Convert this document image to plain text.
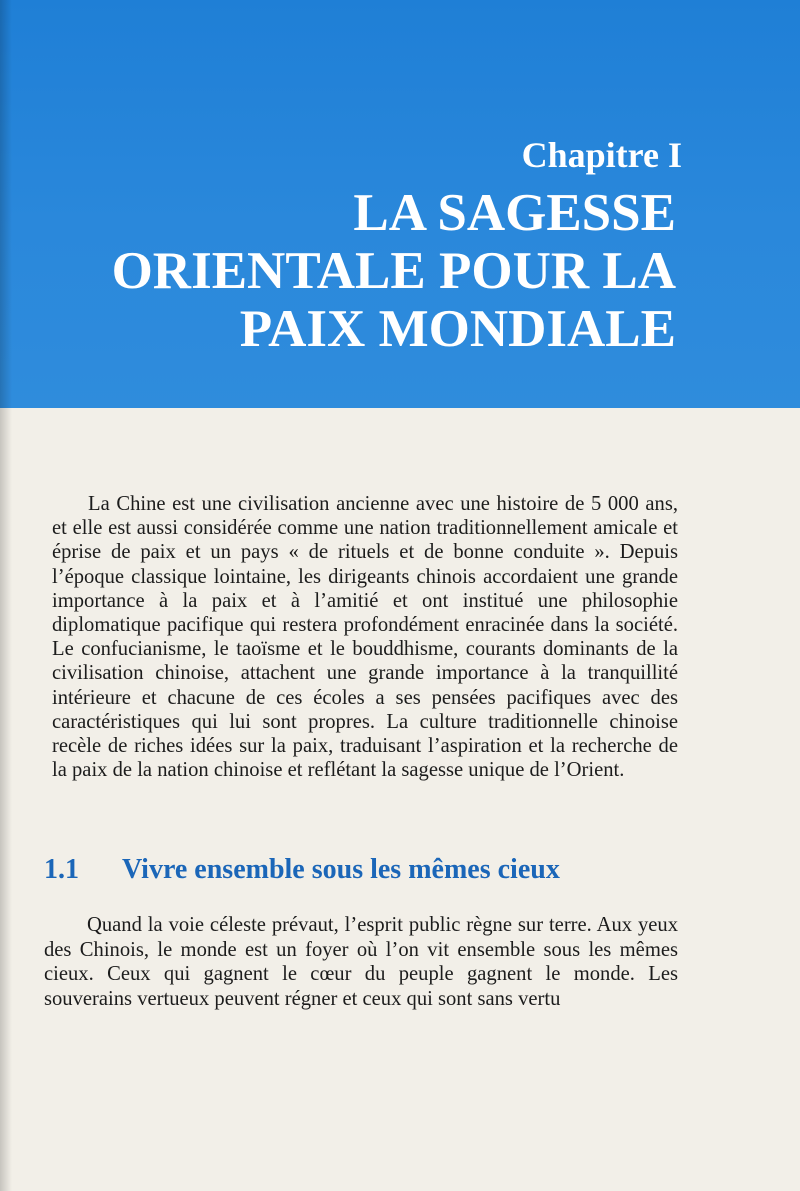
Chapitre I
LA SAGESSE
ORIENTALE POUR LA
PAIX MONDIALE

La Chine est une civilisation ancienne avec une histoire de 5 000 ans, et elle est aussi considérée comme une nation traditionnellement amicale et éprise de paix et un pays « de rituels et de bonne conduite ». Depuis l’époque classique lointaine, les dirigeants chinois accordaient une grande importance à la paix et à l’amitié et ont institué une philosophie diplomatique pacifique qui restera profondément enracinée dans la société. Le confucianisme, le taoïsme et le bouddhisme, courants dominants de la civilisation chinoise, attachent une grande importance à la tranquillité intérieure et chacune de ces écoles a ses pensées pacifiques avec des caractéristiques qui lui sont propres. La culture traditionnelle chinoise recèle de riches idées sur la paix, traduisant l’aspiration et la recherche de la paix de la nation chinoise et reflétant la sagesse unique de l’Orient.

1.1 Vivre ensemble sous les mêmes cieux

Quand la voie céleste prévaut, l’esprit public règne sur terre. Aux yeux des Chinois, le monde est un foyer où l’on vit ensemble sous les mêmes cieux. Ceux qui gagnent le cœur du peuple gagnent le monde. Les souverains vertueux peuvent régner et ceux qui sont sans vertu
